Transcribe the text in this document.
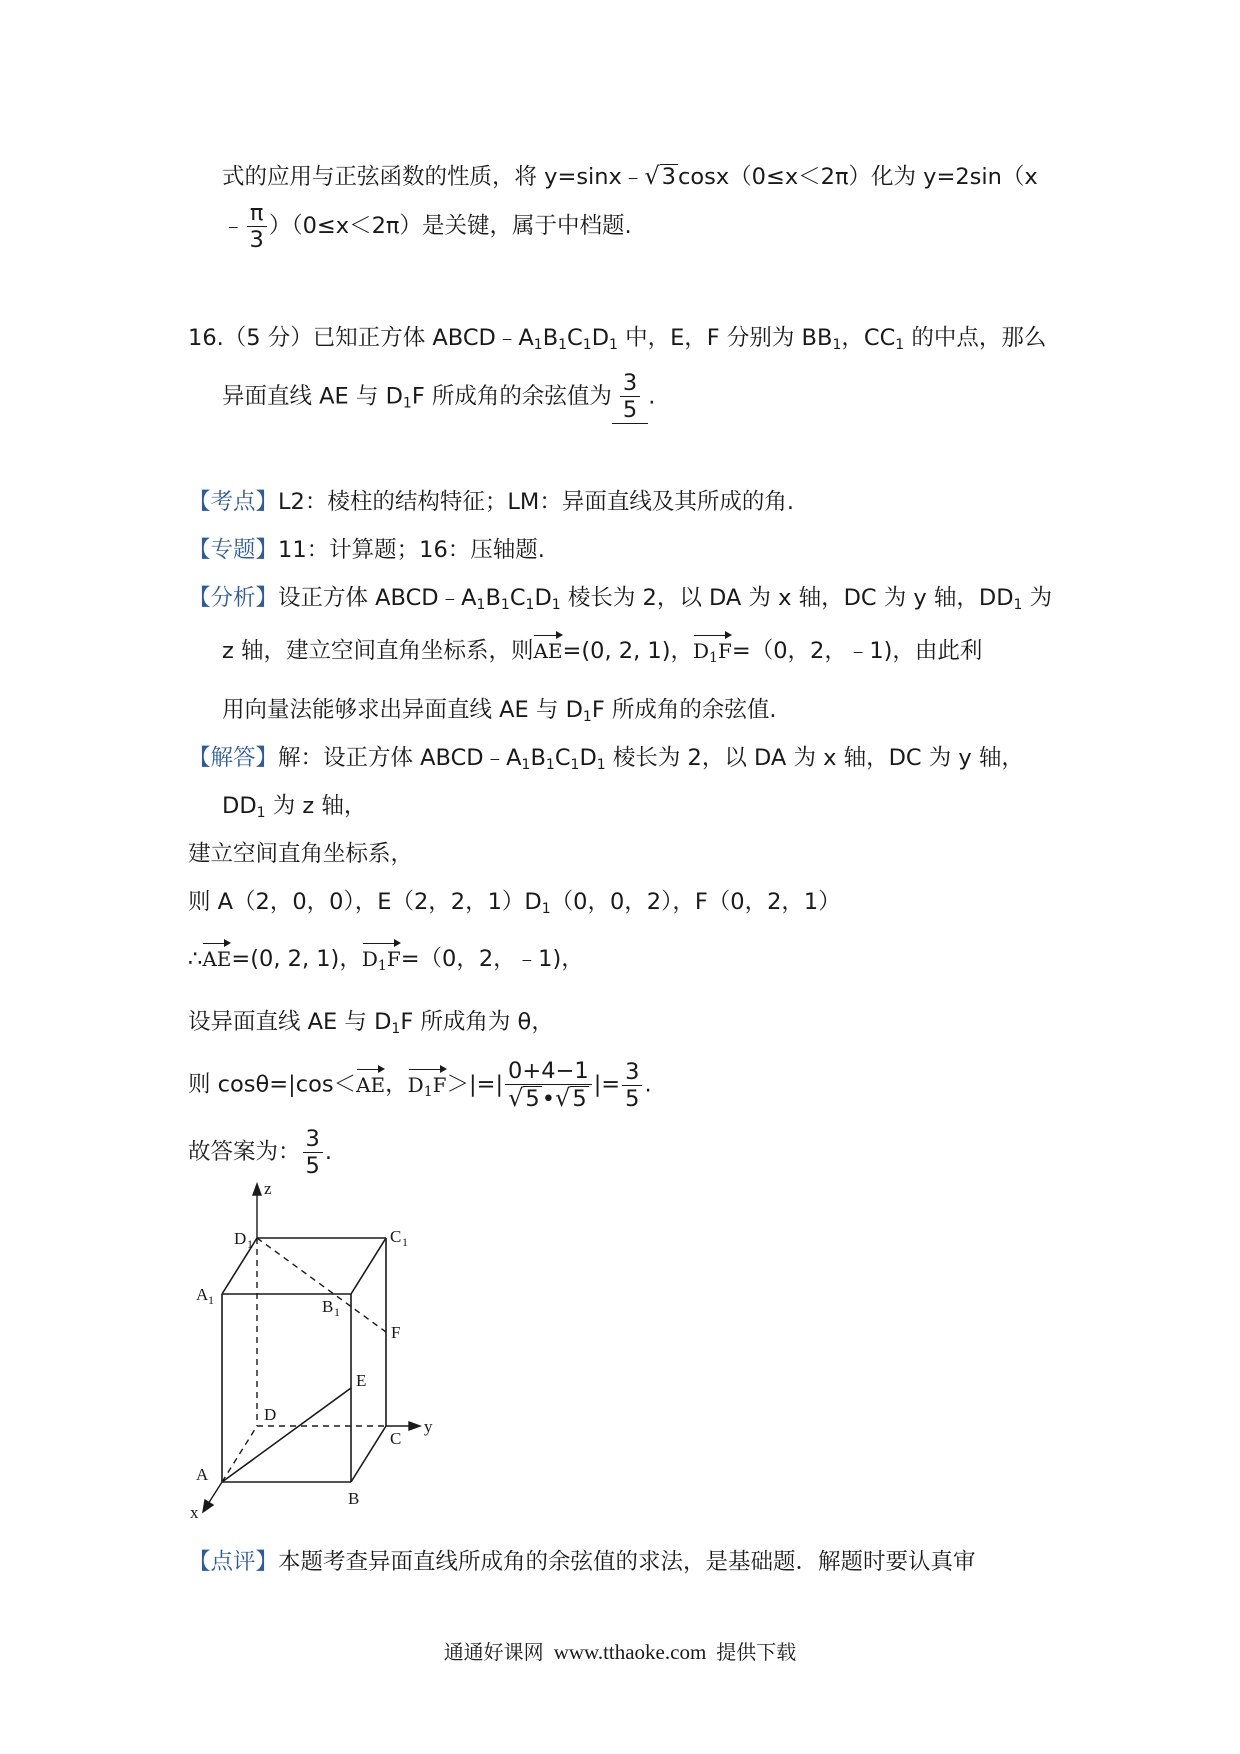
式的应用与正弦函数的性质，将 y=sinx﹣√3cosx（0≤x＜2π）化为 y=2sin（x
﹣ $\frac{\pi}{3} )(0\le x<2\pi)$是关键，属于中档题.
16.（5 分）已知正方体 $ABCD﹣A_1B_1C_1D_1$ 中，E，F 分别为 $BB_1$，$CC_1$ 的中点，那么
异面直线 AE 与 $D_1F$ 所成角的余弦值为 $\frac{3}{5}$ .
【考点】L2：棱柱的结构特征；LM：异面直线及其所成的角.
【专题】11：计算题；16：压轴题.
【分析】设正方体 $ABCD﹣A_1B_1C_1D_1$ 棱长为 2，以 DA 为 x 轴，DC 为 y 轴，$DD_1$ 为
z 轴，建立空间直角坐标系，则AE=(0, 2, 1)，$D_1F=(0$，2，﹣1)，由此利
用向量法能够求出异面直线 AE 与 $D_1F$ 所成角的余弦值.
【解答】解：设正方体 $ABCD﹣A_1B_1C_1D_1$ 棱长为 2，以 DA 为 x 轴，DC 为 y 轴，
$DD_1$ 为 z 轴，
建立空间直角坐标系，
则 A（2，0，0），E（2，2，$1)D_1(0$，0，2），F（0，2，1）
∴AE=(0, 2, 1)，$D_1F=(0$，2，﹣1)，
设异面直线 AE 与 $D_1F$ 所成角为 θ，
则 cosθ=|cos＜AE，$D_1F>|=| \frac{0+4-1}{√5•√5}$ |= $\frac{3}{5}$ .
故答案为： $\frac{3}{5}$ .
z
y
x
D 1	C 1
A 1	B 1
F
E
D
C
A
B
【点评】本题考查异面直线所成角的余弦值的求法，是基础题．解题时要认真审
通通好课网 www.tthaoke.com 提供下载
